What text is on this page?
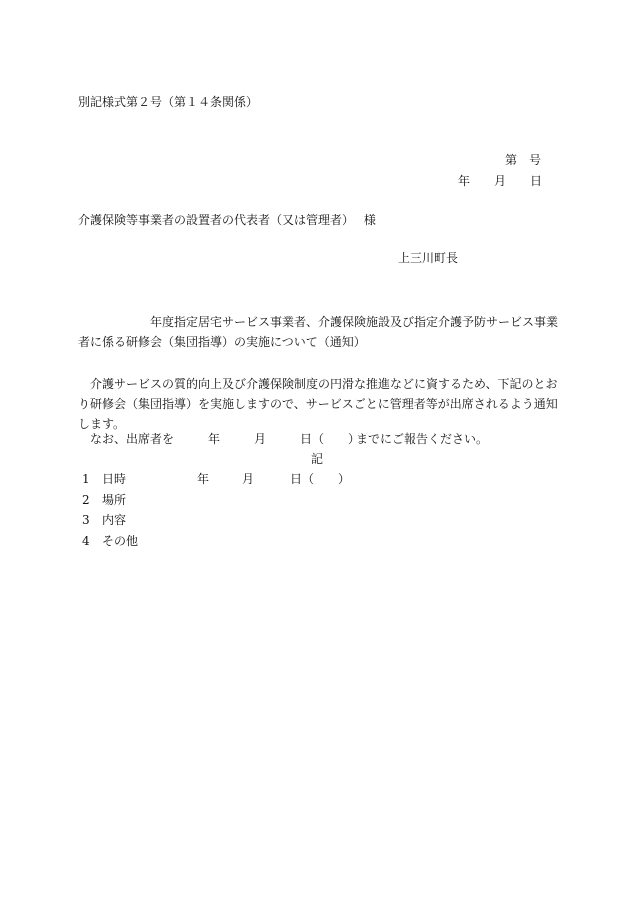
別記様式第２号（第１４条関係）

第　号

年　　月　　日

介護保険等事業者の設置者の代表者（又は管理者）　 様

上三川町長

年度指定居宅サービス事業者、介護保険施設及び指定介護予防サービス事業者に係る研修会（集団指導）の実施について（通知）

介護サービスの質的向上及び介護保険制度の円滑な推進などに資するため、下記のとおり研修会（集団指導）を実施しますので、サービスごとに管理者等が出席されるよう通知します。

なお、出席者を	年	月	日（　　）

までにご報告ください。

記

1 日時	年	月	日（　　）

2 場所

3 内容

4 その他
